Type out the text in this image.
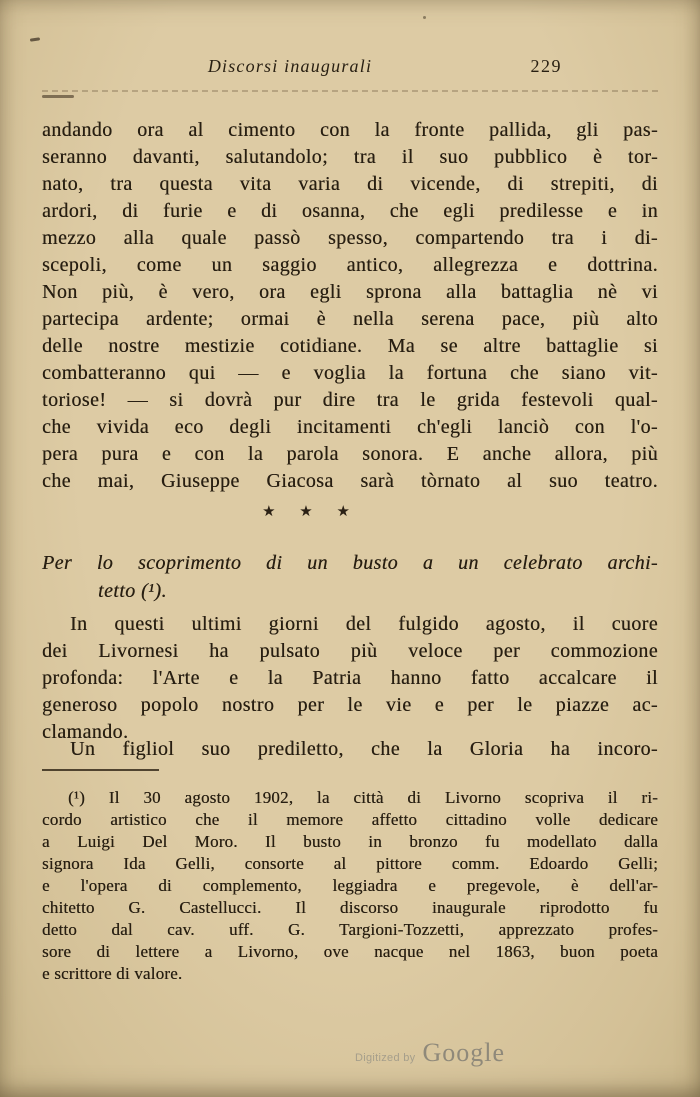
Discorsi inaugurali	229
andando ora al cimento con la fronte pallida, gli pas-
seranno davanti, salutandolo; tra il suo pubblico è tor-
nato, tra questa vita varia di vicende, di strepiti, di
ardori, di furie e di osanna, che egli predilesse e in
mezzo alla quale passò spesso, compartendo tra i di-
scepoli, come un saggio antico, allegrezza e dottrina.
Non più, è vero, ora egli sprona alla battaglia nè vi
partecipa ardente; ormai è nella serena pace, più alto
delle nostre mestizie cotidiane. Ma se altre battaglie si
combatteranno qui — e voglia la fortuna che siano vit-
toriose! — si dovrà pur dire tra le grida festevoli qual-
che vivida eco degli incitamenti ch'egli lanciò con l'o-
pera pura e con la parola sonora. E anche allora, più
che mai, Giuseppe Giacosa sarà tòrnato al suo teatro.
★ ★ ★
Per lo scoprimento di un busto a un celebrato archi-
tetto (¹).
In questi ultimi giorni del fulgido agosto, il cuore
dei Livornesi ha pulsato più veloce per commozione
profonda: l'Arte e la Patria hanno fatto accalcare il
generoso popolo nostro per le vie e per le piazze ac-
clamando.
Un figliol suo prediletto, che la Gloria ha incoro-
(¹) Il 30 agosto 1902, la città di Livorno scopriva il ri-
cordo artistico che il memore affetto cittadino volle dedicare
a Luigi Del Moro. Il busto in bronzo fu modellato dalla
signora Ida Gelli, consorte al pittore comm. Edoardo Gelli;
e l'opera di complemento, leggiadra e pregevole, è dell'ar-
chitetto G. Castellucci. Il discorso inaugurale riprodotto fu
detto dal cav. uff. G. Targioni-Tozzetti, apprezzato profes-
sore di lettere a Livorno, ove nacque nel 1863, buon poeta
e scrittore di valore.
Digitized by Google
